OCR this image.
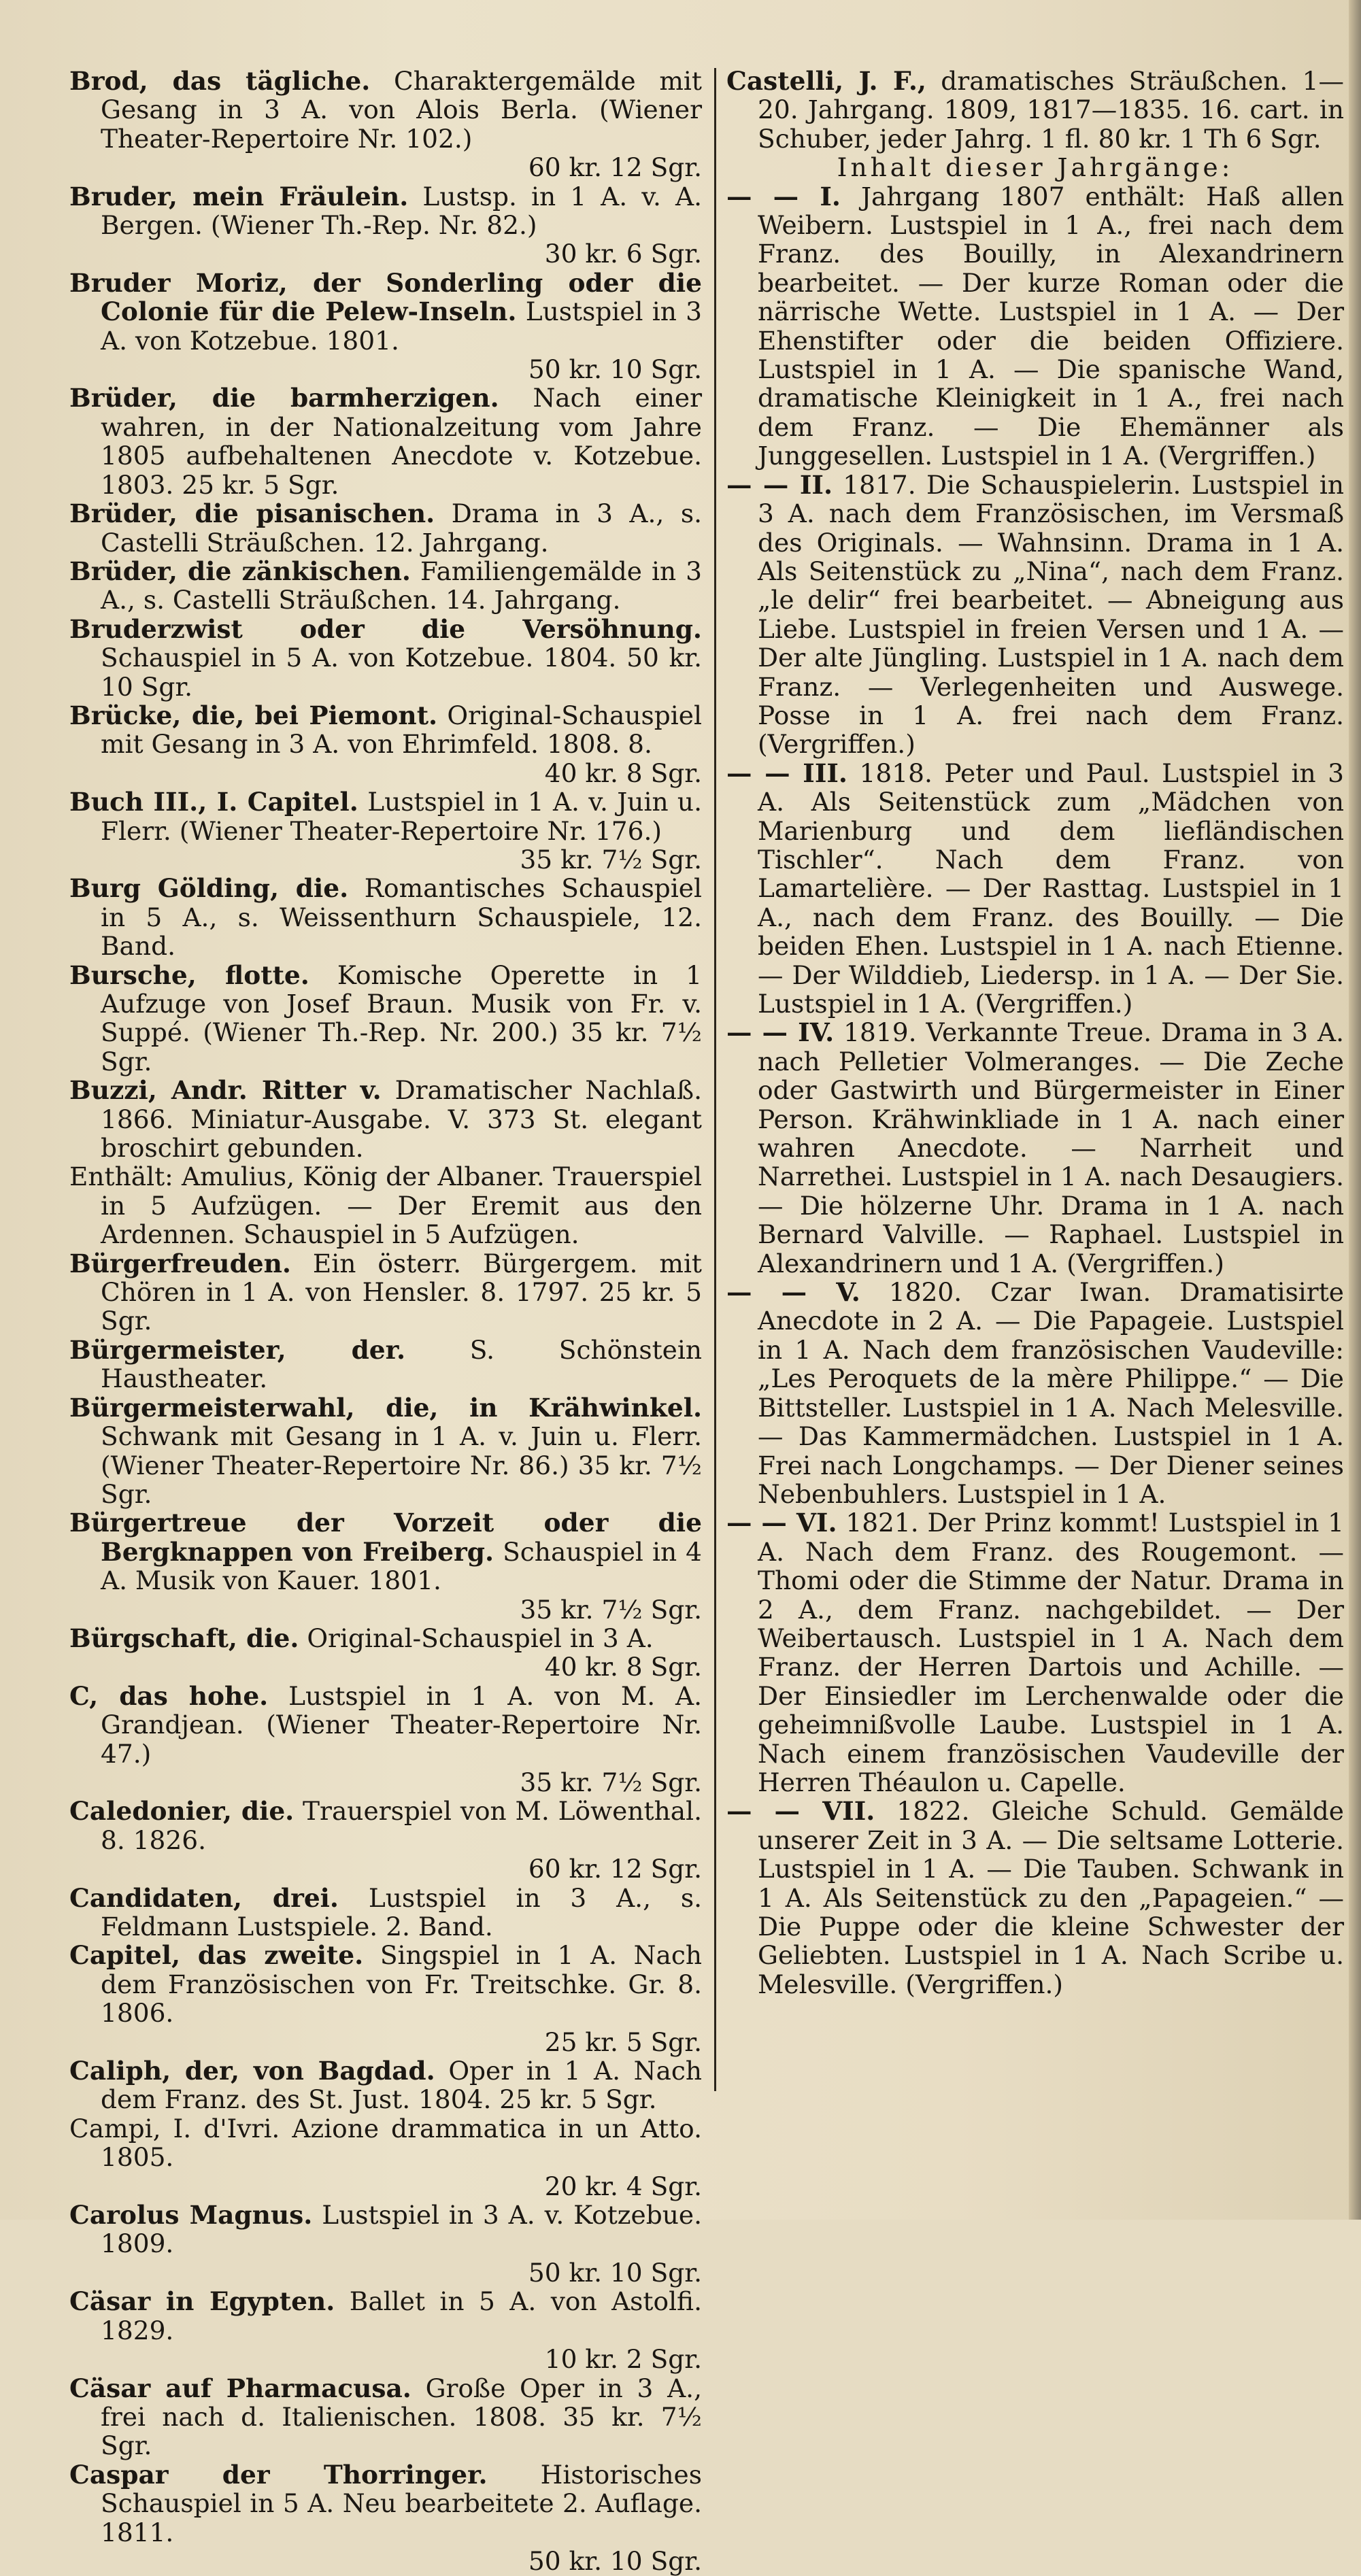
Brod, das tägliche. Charaktergemälde mit Gesang in 3 A. von Alois Berla. (Wiener Theater-Repertoire Nr. 102.)
60 kr. 12 Sgr.

Bruder, mein Fräulein. Lustsp. in 1 A. v. A. Bergen. (Wiener Th.-Rep. Nr. 82.)
30 kr. 6 Sgr.

Bruder Moriz, der Sonderling oder die Colonie für die Pelew-Inseln. Lustspiel in 3 A. von Kotzebue. 1801.
50 kr. 10 Sgr.

Brüder, die barmherzigen. Nach einer wahren, in der Nationalzeitung vom Jahre 1805 aufbehaltenen Anecdote v. Kotzebue. 1803. 25 kr. 5 Sgr.

Brüder, die pisanischen. Drama in 3 A., s. Castelli Sträußchen. 12. Jahrgang.

Brüder, die zänkischen. Familiengemälde in 3 A., s. Castelli Sträußchen. 14. Jahrgang.

Bruderzwist oder die Versöhnung. Schauspiel in 5 A. von Kotzebue. 1804. 50 kr. 10 Sgr.

Brücke, die, bei Piemont. Original-Schauspiel mit Gesang in 3 A. von Ehrimfeld. 1808. 8.
40 kr. 8 Sgr.

Buch III., I. Capitel. Lustspiel in 1 A. v. Juin u. Flerr. (Wiener Theater-Repertoire Nr. 176.)
35 kr. 7½ Sgr.

Burg Gölding, die. Romantisches Schauspiel in 5 A., s. Weissenthurn Schauspiele, 12. Band.

Bursche, flotte. Komische Operette in 1 Aufzuge von Josef Braun. Musik von Fr. v. Suppé. (Wiener Th.-Rep. Nr. 200.) 35 kr. 7½ Sgr.

Buzzi, Andr. Ritter v. Dramatischer Nachlaß. 1866. Miniatur-Ausgabe. V. 373 St. elegant broschirt gebunden.

Enthält: Amulius, König der Albaner. Trauerspiel in 5 Aufzügen. — Der Eremit aus den Ardennen. Schauspiel in 5 Aufzügen.

Bürgerfreuden. Ein österr. Bürgergem. mit Chören in 1 A. von Hensler. 8. 1797. 25 kr. 5 Sgr.

Bürgermeister, der.	S. Schönstein Haustheater.

Bürgermeisterwahl, die, in Krähwinkel. Schwank mit Gesang in 1 A. v. Juin u. Flerr. (Wiener Theater-Repertoire Nr. 86.) 35 kr. 7½ Sgr.

Bürgertreue der Vorzeit oder die Bergknappen von Freiberg. Schauspiel in 4 A. Musik von Kauer. 1801.
35 kr. 7½ Sgr.

Bürgschaft, die. Original-Schauspiel in 3 A.
40 kr. 8 Sgr.

C, das hohe. Lustspiel in 1 A. von M. A. Grandjean. (Wiener Theater-Repertoire Nr. 47.)
35 kr. 7½ Sgr.

Caledonier, die. Trauerspiel von M. Löwenthal. 8. 1826.
60 kr. 12 Sgr.

Candidaten, drei. Lustspiel in 3 A., s. Feldmann Lustspiele. 2. Band.

Capitel, das zweite. Singspiel in 1 A. Nach dem Französischen von Fr. Treitschke. Gr. 8. 1806.
25 kr. 5 Sgr.

Caliph, der, von Bagdad. Oper in 1 A. Nach dem Franz. des St. Just. 1804. 25 kr. 5 Sgr.

Campi, I. d'Ivri. Azione drammatica in un Atto. 1805.
20 kr. 4 Sgr.

Carolus Magnus. Lustspiel in 3 A. v. Kotzebue. 1809.
50 kr. 10 Sgr.

Cäsar in Egypten. Ballet in 5 A. von Astolfi. 1829.
10 kr. 2 Sgr.

Cäsar auf Pharmacusa. Große Oper in 3 A., frei nach d. Italienischen. 1808. 35 kr. 7½ Sgr.

Caspar der Thorringer. Historisches Schauspiel in 5 A. Neu bearbeitete 2. Auflage. 1811.
50 kr. 10 Sgr.

Castelli, J. F., dramatisches Sträußchen. 1—20. Jahrgang. 1809, 1817—1835. 16. cart. in Schuber, jeder Jahrg. 1 fl. 80 kr. 1 Th 6 Sgr.

Inhalt dieser Jahrgänge:

— — I. Jahrgang 1807 enthält: Haß allen Weibern. Lustspiel in 1 A., frei nach dem Franz. des Bouilly, in Alexandrinern bearbeitet. — Der kurze Roman oder die närrische Wette. Lustspiel in 1 A. — Der Ehenstifter oder die beiden Offiziere. Lustspiel in 1 A. — Die spanische Wand, dramatische Kleinigkeit in 1 A., frei nach dem Franz. — Die Ehemänner als Junggesellen. Lustspiel in 1 A. (Vergriffen.)

— — II. 1817. Die Schauspielerin. Lustspiel in 3 A. nach dem Französischen, im Versmaß des Originals. — Wahnsinn. Drama in 1 A. Als Seitenstück zu „Nina“, nach dem Franz. „le delir“ frei bearbeitet. — Abneigung aus Liebe. Lustspiel in freien Versen und 1 A. — Der alte Jüngling. Lustspiel in 1 A. nach dem Franz. — Verlegenheiten und Auswege. Posse in 1 A. frei nach dem Franz. (Vergriffen.)

— — III. 1818. Peter und Paul. Lustspiel in 3 A. Als Seitenstück zum „Mädchen von Marienburg und dem liefländischen Tischler“. Nach dem Franz. von Lamartelière. — Der Rasttag. Lustspiel in 1 A., nach dem Franz. des Bouilly. — Die beiden Ehen. Lustspiel in 1 A. nach Etienne. — Der Wilddieb, Liedersp. in 1 A. — Der Sie. Lustspiel in 1 A. (Vergriffen.)

— — IV. 1819. Verkannte Treue. Drama in 3 A. nach Pelletier Volmeranges. — Die Zeche oder Gastwirth und Bürgermeister in Einer Person. Krähwinkliade in 1 A. nach einer wahren Anecdote. — Narrheit und Narrethei. Lustspiel in 1 A. nach Desaugiers. — Die hölzerne Uhr. Drama in 1 A. nach Bernard Valville. — Raphael. Lustspiel in Alexandrinern und 1 A. (Vergriffen.)

— — V. 1820. Czar Iwan. Dramatisirte Anecdote in 2 A. — Die Papageie. Lustspiel in 1 A. Nach dem französischen Vaudeville: „Les Peroquets de la mère Philippe.“ — Die Bittsteller. Lustspiel in 1 A. Nach Melesville. — Das Kammermädchen. Lustspiel in 1 A. Frei nach Longchamps. — Der Diener seines Nebenbuhlers. Lustspiel in 1 A.

— — VI. 1821. Der Prinz kommt! Lustspiel in 1 A. Nach dem Franz. des Rougemont. — Thomi oder die Stimme der Natur. Drama in 2 A., dem Franz. nachgebildet. — Der Weibertausch. Lustspiel in 1 A. Nach dem Franz. der Herren Dartois und Achille. — Der Einsiedler im Lerchenwalde oder die geheimnißvolle Laube. Lustspiel in 1 A. Nach einem französischen Vaudeville der Herren Théaulon u. Capelle.

— — VII. 1822. Gleiche Schuld. Gemälde unserer Zeit in 3 A. — Die seltsame Lotterie. Lustspiel in 1 A. — Die Tauben. Schwank in 1 A. Als Seitenstück zu den „Papageien.“ — Die Puppe oder die kleine Schwester der Geliebten. Lustspiel in 1 A. Nach Scribe u. Melesville. (Vergriffen.)
